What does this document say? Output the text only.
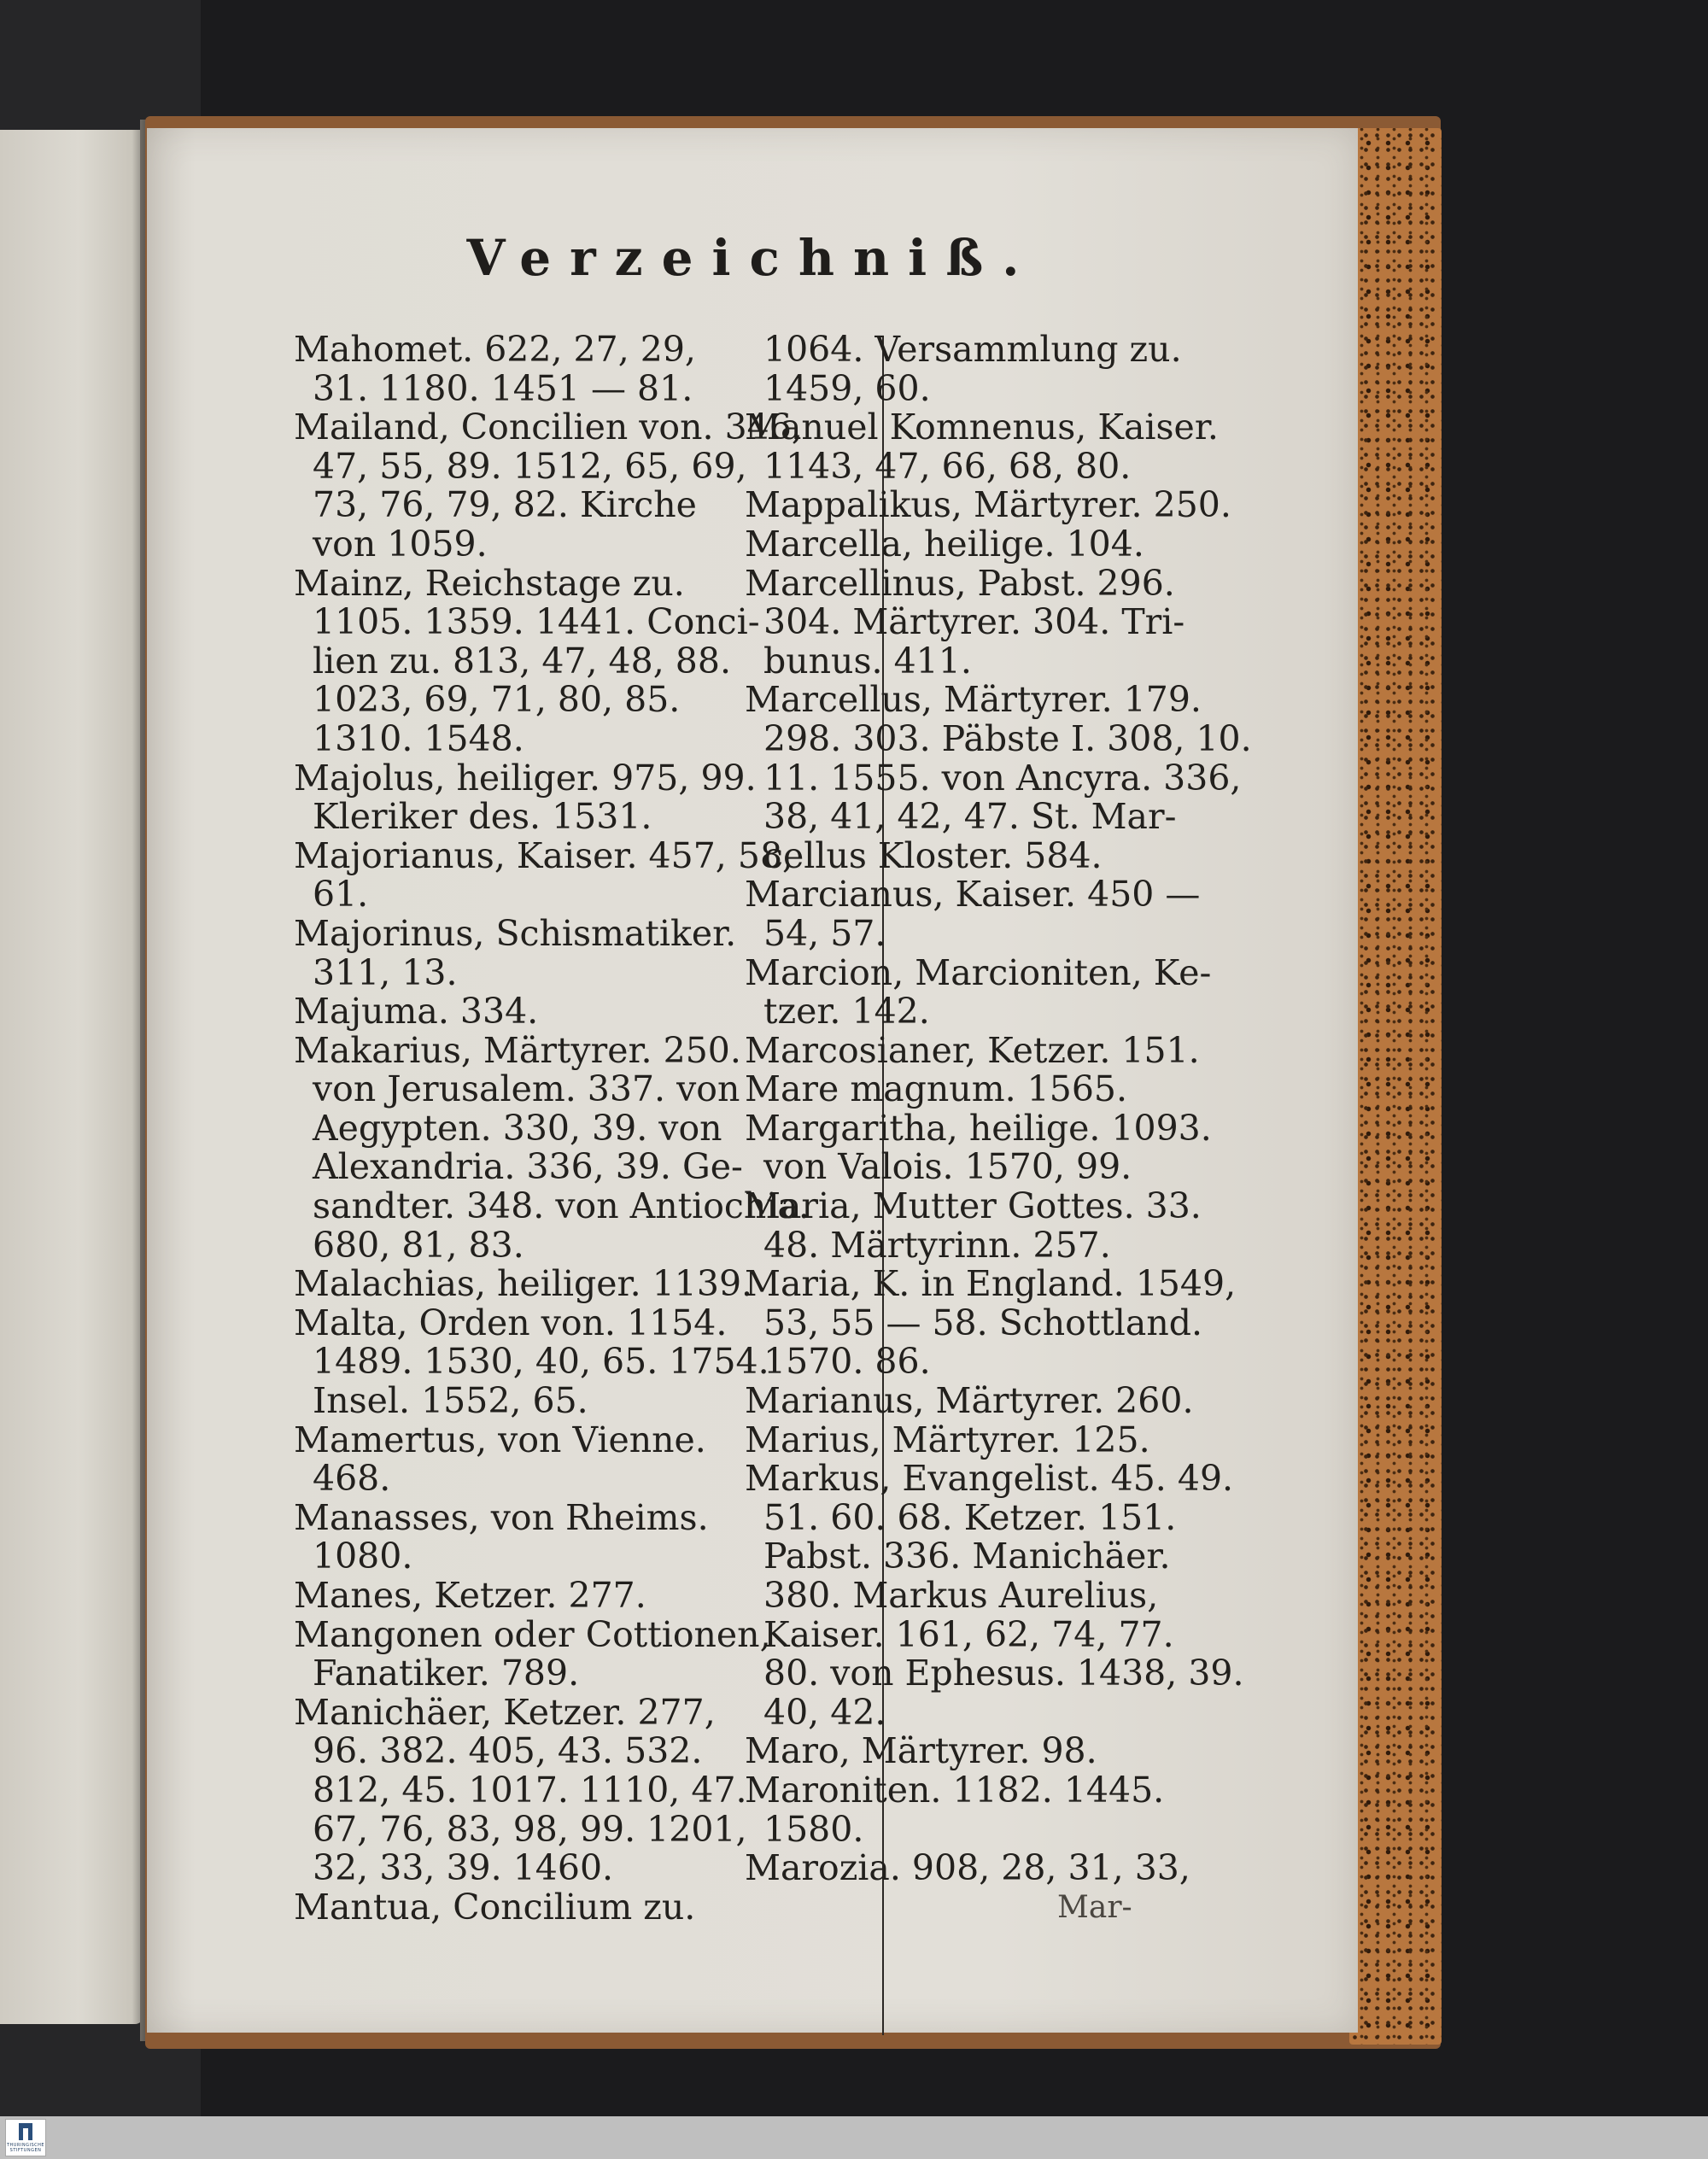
Verzeichniß.
Mahomet. 622, 27, 29,
31. 1180. 1451 — 81.
Mailand, Concilien von. 346,
47, 55, 89. 1512, 65, 69,
73, 76, 79, 82. Kirche
von 1059.
Mainz, Reichstage zu.
1105. 1359. 1441. Conci-
lien zu. 813, 47, 48, 88.
1023, 69, 71, 80, 85.
1310. 1548.
Majolus, heiliger. 975, 99.
Kleriker des. 1531.
Majorianus, Kaiser. 457, 58,
61.
Majorinus, Schismatiker.
311, 13.
Majuma. 334.
Makarius, Märtyrer. 250.
von Jerusalem. 337. von
Aegypten. 330, 39. von
Alexandria. 336, 39. Ge-
sandter. 348. von Antiochia.
680, 81, 83.
Malachias, heiliger. 1139.
Malta, Orden von. 1154.
1489. 1530, 40, 65. 1754.
Insel. 1552, 65.
Mamertus, von Vienne.
468.
Manasses, von Rheims.
1080.
Manes, Ketzer. 277.
Mangonen oder Cottionen,
Fanatiker. 789.
Manichäer, Ketzer. 277,
96. 382. 405, 43. 532.
812, 45. 1017. 1110, 47.
67, 76, 83, 98, 99. 1201,
32, 33, 39. 1460.
Mantua, Concilium zu.
1064. Versammlung zu.
1459, 60.
Manuel Komnenus, Kaiser.
1143, 47, 66, 68, 80.
Mappalikus, Märtyrer. 250.
Marcella, heilige. 104.
Marcellinus, Pabst. 296.
304. Märtyrer. 304. Tri-
bunus. 411.
Marcellus, Märtyrer. 179.
298. 303. Päbste I. 308, 10.
11. 1555. von Ancyra. 336,
38, 41, 42, 47. St. Mar-
cellus Kloster. 584.
Marcianus, Kaiser. 450 —
54, 57.
Marcion, Marcioniten, Ke-
tzer. 142.
Marcosianer, Ketzer. 151.
Mare magnum. 1565.
Margaritha, heilige. 1093.
von Valois. 1570, 99.
Maria, Mutter Gottes. 33.
48. Märtyrinn. 257.
Maria, K. in England. 1549,
53, 55 — 58. Schottland.
1570. 86.
Marianus, Märtyrer. 260.
Marius, Märtyrer. 125.
Markus, Evangelist. 45. 49.
51. 60. 68. Ketzer. 151.
Pabst. 336. Manichäer.
380. Markus Aurelius,
Kaiser. 161, 62, 74, 77.
80. von Ephesus. 1438, 39.
40, 42.
Maro, Märtyrer. 98.
Maroniten. 1182. 1445.
1580.
Marozia. 908, 28, 31, 33,
Mar-
THÜRINGISCHE STIFTUNGEN
